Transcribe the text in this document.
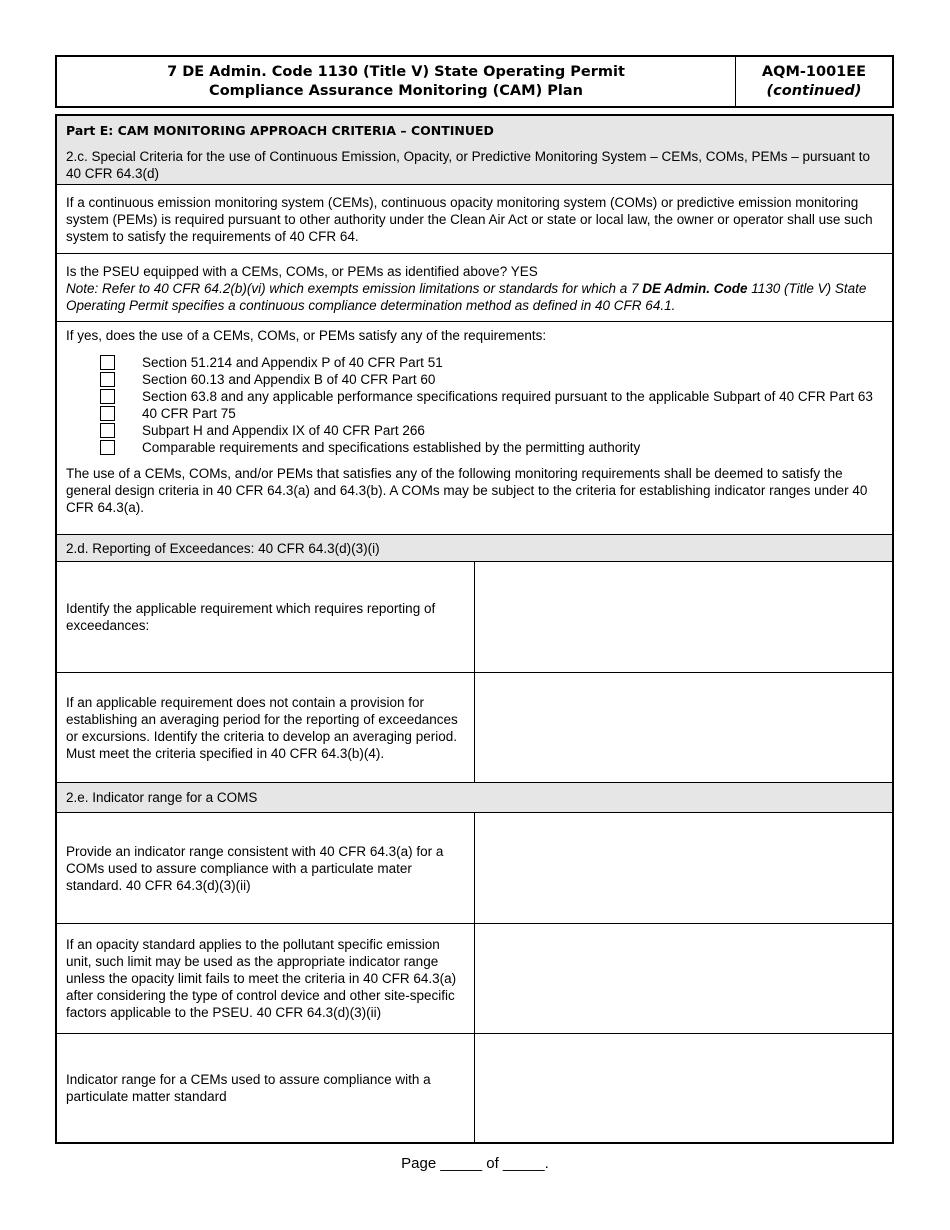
7 DE Admin. Code 1130 (Title V) State Operating Permit
Compliance Assurance Monitoring (CAM) Plan
AQM-1001EE
(continued)
Part E: CAM MONITORING APPROACH CRITERIA – CONTINUED
2.c. Special Criteria for the use of Continuous Emission, Opacity, or Predictive Monitoring System – CEMs, COMs, PEMs – pursuant to 40 CFR 64.3(d)
If a continuous emission monitoring system (CEMs), continuous opacity monitoring system (COMs) or predictive emission monitoring system (PEMs) is required pursuant to other authority under the Clean Air Act or state or local law, the owner or operator shall use such system to satisfy the requirements of 40 CFR 64.
Is the PSEU equipped with a CEMs, COMs, or PEMs as identified above? YES
Note: Refer to 40 CFR 64.2(b)(vi) which exempts emission limitations or standards for which a 7 DE Admin. Code 1130 (Title V) State Operating Permit specifies a continuous compliance determination method as defined in 40 CFR 64.1.
If yes, does the use of a CEMs, COMs, or PEMs satisfy any of the requirements:
Section 51.214 and Appendix P of 40 CFR Part 51
Section 60.13 and Appendix B of 40 CFR Part 60
Section 63.8 and any applicable performance specifications required pursuant to the applicable Subpart of 40 CFR Part 63
40 CFR Part 75
Subpart H and Appendix IX of 40 CFR Part 266
Comparable requirements and specifications established by the permitting authority
The use of a CEMs, COMs, and/or PEMs that satisfies any of the following monitoring requirements shall be deemed to satisfy the general design criteria in 40 CFR 64.3(a) and 64.3(b). A COMs may be subject to the criteria for establishing indicator ranges under 40 CFR 64.3(a).
2.d. Reporting of Exceedances: 40 CFR 64.3(d)(3)(i)
Identify the applicable requirement which requires reporting of exceedances:
If an applicable requirement does not contain a provision for establishing an averaging period for the reporting of exceedances or excursions. Identify the criteria to develop an averaging period. Must meet the criteria specified in 40 CFR 64.3(b)(4).
2.e. Indicator range for a COMS
Provide an indicator range consistent with 40 CFR 64.3(a) for a COMs used to assure compliance with a particulate mater standard. 40 CFR 64.3(d)(3)(ii)
If an opacity standard applies to the pollutant specific emission unit, such limit may be used as the appropriate indicator range unless the opacity limit fails to meet the criteria in 40 CFR 64.3(a) after considering the type of control device and other site-specific factors applicable to the PSEU. 40 CFR 64.3(d)(3)(ii)
Indicator range for a CEMs used to assure compliance with a particulate matter standard
Page _____ of _____.
